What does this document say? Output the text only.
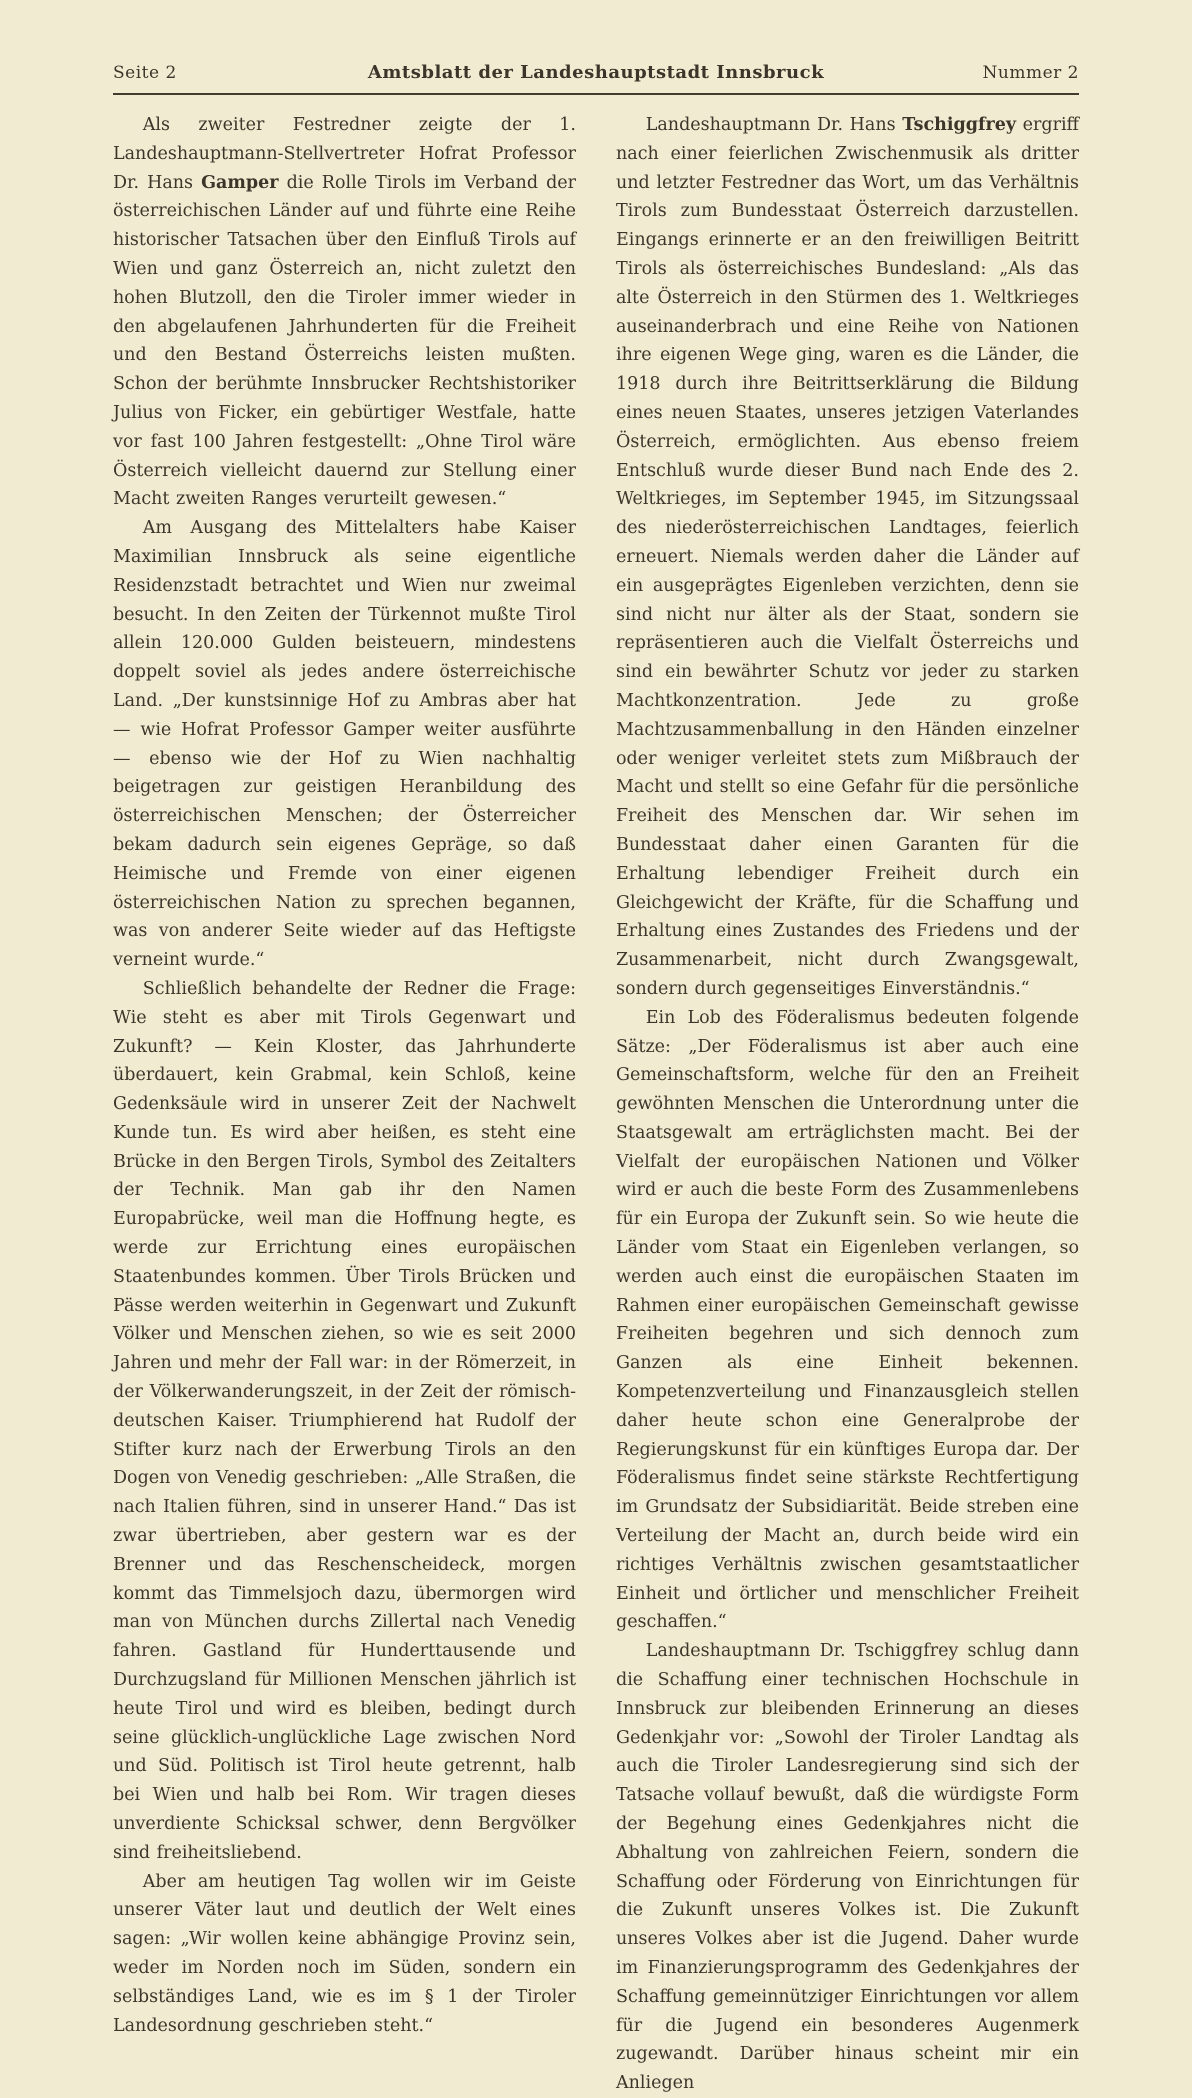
Seite 2	Amtsblatt der Landeshauptstadt Innsbruck	Nummer 2

Als zweiter Festredner zeigte der 1. Landeshauptmann-Stellvertreter Hofrat Professor Dr. Hans Gamper die Rolle Tirols im Verband der österreichischen Länder auf und führte eine Reihe historischer Tatsachen über den Einfluß Tirols auf Wien und ganz Österreich an, nicht zuletzt den hohen Blutzoll, den die Tiroler immer wieder in den abgelaufenen Jahrhunderten für die Freiheit und den Bestand Österreichs leisten mußten. Schon der berühmte Innsbrucker Rechtshistoriker Julius von Ficker, ein gebürtiger Westfale, hatte vor fast 100 Jahren festgestellt: „Ohne Tirol wäre Österreich vielleicht dauernd zur Stellung einer Macht zweiten Ranges verurteilt gewesen.“

Am Ausgang des Mittelalters habe Kaiser Maximilian Innsbruck als seine eigentliche Residenzstadt betrachtet und Wien nur zweimal besucht. In den Zeiten der Türkennot mußte Tirol allein 120.000 Gulden beisteuern, mindestens doppelt soviel als jedes andere österreichische Land. „Der kunstsinnige Hof zu Ambras aber hat — wie Hofrat Professor Gamper weiter ausführte — ebenso wie der Hof zu Wien nachhaltig beigetragen zur geistigen Heranbildung des österreichischen Menschen; der Österreicher bekam dadurch sein eigenes Gepräge, so daß Heimische und Fremde von einer eigenen österreichischen Nation zu sprechen begannen, was von anderer Seite wieder auf das Heftigste verneint wurde.“

Schließlich behandelte der Redner die Frage: Wie steht es aber mit Tirols Gegenwart und Zukunft? — Kein Kloster, das Jahrhunderte überdauert, kein Grabmal, kein Schloß, keine Gedenksäule wird in unserer Zeit der Nachwelt Kunde tun. Es wird aber heißen, es steht eine Brücke in den Bergen Tirols, Symbol des Zeitalters der Technik. Man gab ihr den Namen Europabrücke, weil man die Hoffnung hegte, es werde zur Errichtung eines europäischen Staatenbundes kommen. Über Tirols Brücken und Pässe werden weiterhin in Gegenwart und Zukunft Völker und Menschen ziehen, so wie es seit 2000 Jahren und mehr der Fall war: in der Römerzeit, in der Völkerwanderungszeit, in der Zeit der römisch-deutschen Kaiser. Triumphierend hat Rudolf der Stifter kurz nach der Erwerbung Tirols an den Dogen von Venedig geschrieben: „Alle Straßen, die nach Italien führen, sind in unserer Hand.“ Das ist zwar übertrieben, aber gestern war es der Brenner und das Reschenscheideck, morgen kommt das Timmelsjoch dazu, übermorgen wird man von München durchs Zillertal nach Venedig fahren. Gastland für Hunderttausende und Durchzugsland für Millionen Menschen jährlich ist heute Tirol und wird es bleiben, bedingt durch seine glücklich-unglückliche Lage zwischen Nord und Süd. Politisch ist Tirol heute getrennt, halb bei Wien und halb bei Rom. Wir tragen dieses unverdiente Schicksal schwer, denn Bergvölker sind freiheitsliebend.

Aber am heutigen Tag wollen wir im Geiste unserer Väter laut und deutlich der Welt eines sagen: „Wir wollen keine abhängige Provinz sein, weder im Norden noch im Süden, sondern ein selbständiges Land, wie es im § 1 der Tiroler Landesordnung geschrieben steht.“

Landeshauptmann Dr. Hans Tschiggfrey ergriff nach einer feierlichen Zwischenmusik als dritter und letzter Festredner das Wort, um das Verhältnis Tirols zum Bundesstaat Österreich darzustellen. Eingangs erinnerte er an den freiwilligen Beitritt Tirols als österreichisches Bundesland: „Als das alte Österreich in den Stürmen des 1. Weltkrieges auseinanderbrach und eine Reihe von Nationen ihre eigenen Wege ging, waren es die Länder, die 1918 durch ihre Beitrittserklärung die Bildung eines neuen Staates, unseres jetzigen Vaterlandes Österreich, ermöglichten. Aus ebenso freiem Entschluß wurde dieser Bund nach Ende des 2. Weltkrieges, im September 1945, im Sitzungssaal des niederösterreichischen Landtages, feierlich erneuert. Niemals werden daher die Länder auf ein ausgeprägtes Eigenleben verzichten, denn sie sind nicht nur älter als der Staat, sondern sie repräsentieren auch die Vielfalt Österreichs und sind ein bewährter Schutz vor jeder zu starken Machtkonzentration. Jede zu große Machtzusammenballung in den Händen einzelner oder weniger verleitet stets zum Mißbrauch der Macht und stellt so eine Gefahr für die persönliche Freiheit des Menschen dar. Wir sehen im Bundesstaat daher einen Garanten für die Erhaltung lebendiger Freiheit durch ein Gleichgewicht der Kräfte, für die Schaffung und Erhaltung eines Zustandes des Friedens und der Zusammenarbeit, nicht durch Zwangsgewalt, sondern durch gegenseitiges Einverständnis.“

Ein Lob des Föderalismus bedeuten folgende Sätze: „Der Föderalismus ist aber auch eine Gemeinschaftsform, welche für den an Freiheit gewöhnten Menschen die Unterordnung unter die Staatsgewalt am erträglichsten macht. Bei der Vielfalt der europäischen Nationen und Völker wird er auch die beste Form des Zusammenlebens für ein Europa der Zukunft sein. So wie heute die Länder vom Staat ein Eigenleben verlangen, so werden auch einst die europäischen Staaten im Rahmen einer europäischen Gemeinschaft gewisse Freiheiten begehren und sich dennoch zum Ganzen als eine Einheit bekennen. Kompetenzverteilung und Finanzausgleich stellen daher heute schon eine Generalprobe der Regierungskunst für ein künftiges Europa dar. Der Föderalismus findet seine stärkste Rechtfertigung im Grundsatz der Subsidiarität. Beide streben eine Verteilung der Macht an, durch beide wird ein richtiges Verhältnis zwischen gesamtstaatlicher Einheit und örtlicher und menschlicher Freiheit geschaffen.“

Landeshauptmann Dr. Tschiggfrey schlug dann die Schaffung einer technischen Hochschule in Innsbruck zur bleibenden Erinnerung an dieses Gedenkjahr vor: „Sowohl der Tiroler Landtag als auch die Tiroler Landesregierung sind sich der Tatsache vollauf bewußt, daß die würdigste Form der Begehung eines Gedenkjahres nicht die Abhaltung von zahlreichen Feiern, sondern die Schaffung oder Förderung von Einrichtungen für die Zukunft unseres Volkes ist. Die Zukunft unseres Volkes aber ist die Jugend. Daher wurde im Finanzierungsprogramm des Gedenkjahres der Schaffung gemeinnütziger Einrichtungen vor allem für die Jugend ein besonderes Augenmerk zugewandt. Darüber hinaus scheint mir ein Anliegen
